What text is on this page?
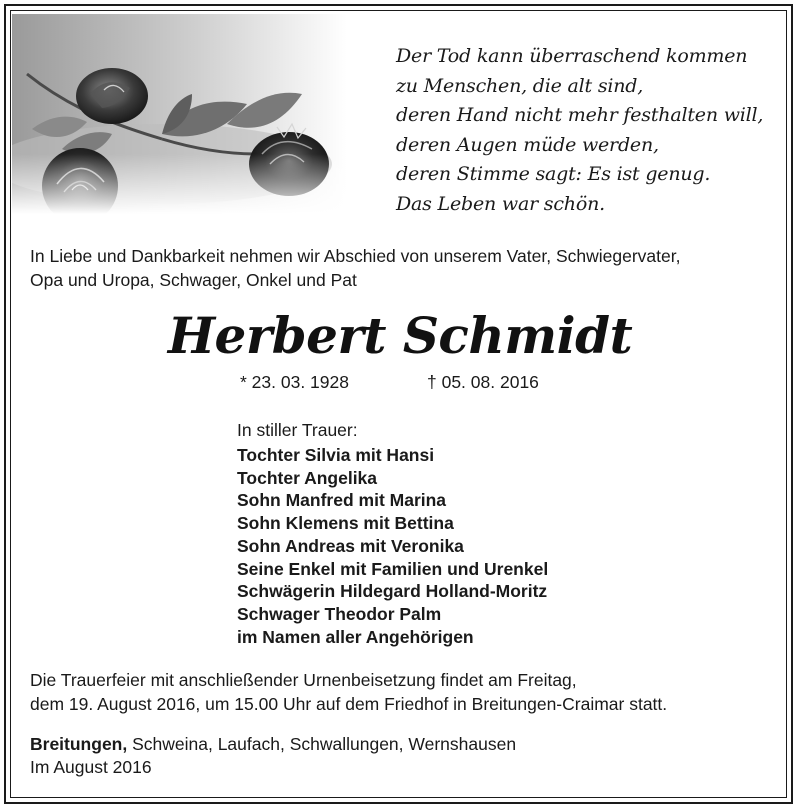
Der Tod kann überraschend kommen
zu Menschen, die alt sind,
deren Hand nicht mehr festhalten will,
deren Augen müde werden,
deren Stimme sagt: Es ist genug.
Das Leben war schön.
In Liebe und Dankbarkeit nehmen wir Abschied von unserem Vater, Schwiegervater,
Opa und Uropa, Schwager, Onkel und Pat
Herbert Schmidt
* 23. 03. 1928	† 05. 08. 2016
In stiller Trauer:
Tochter Silvia mit Hansi
Tochter Angelika
Sohn Manfred mit Marina
Sohn Klemens mit Bettina
Sohn Andreas mit Veronika
Seine Enkel mit Familien und Urenkel
Schwägerin Hildegard Holland-Moritz
Schwager Theodor Palm
im Namen aller Angehörigen
Die Trauerfeier mit anschließender Urnenbeisetzung findet am Freitag,
dem 19. August 2016, um 15.00 Uhr auf dem Friedhof in Breitungen-Craimar statt.
Breitungen, Schweina, Laufach, Schwallungen, Wernshausen
Im August 2016
